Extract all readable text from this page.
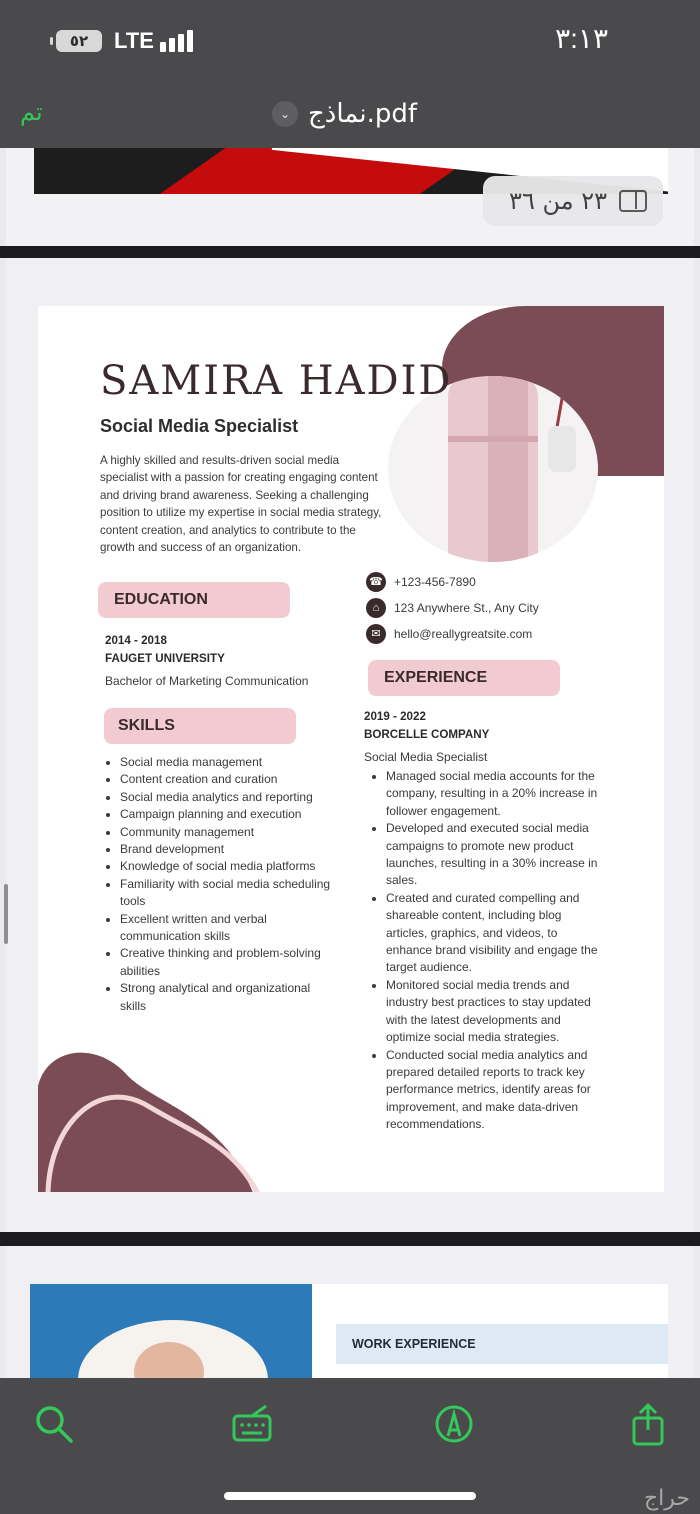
٥٢	LTE	٣:١٣
تم	⌄ نماذج.pdf
٢٣ من ٣٦
SAMIRA HADID
Social Media Specialist
A highly skilled and results-driven social media specialist with a passion for creating engaging content and driving brand awareness. Seeking a challenging position to utilize my expertise in social media strategy, content creation, and analytics to contribute to the growth and success of an organization.
☎ +123-456-7890
⌂	123 Anywhere St., Any City
✉	hello@reallygreatsite.com
EDUCATION
2014 - 2018
FAUGET UNIVERSITY
Bachelor of Marketing Communication
SKILLS
• Social media management
• Content creation and curation
• Social media analytics and reporting
• Campaign planning and execution
• Community management
• Brand development
• Knowledge of social media platforms
• Familiarity with social media scheduling tools
• Excellent written and verbal communication skills
• Creative thinking and problem-solving abilities
• Strong analytical and organizational skills
EXPERIENCE
2019 - 2022
BORCELLE COMPANY
Social Media Specialist
• Managed social media accounts for the company, resulting in a 20% increase in follower engagement.
• Developed and executed social media campaigns to promote new product launches, resulting in a 30% increase in sales.
• Created and curated compelling and shareable content, including blog articles, graphics, and videos, to enhance brand visibility and engage the target audience.
• Monitored social media trends and industry best practices to stay updated with the latest developments and optimize social media strategies.
• Conducted social media analytics and prepared detailed reports to track key performance metrics, identify areas for improvement, and make data-driven recommendations.
WORK EXPERIENCE
حراج
